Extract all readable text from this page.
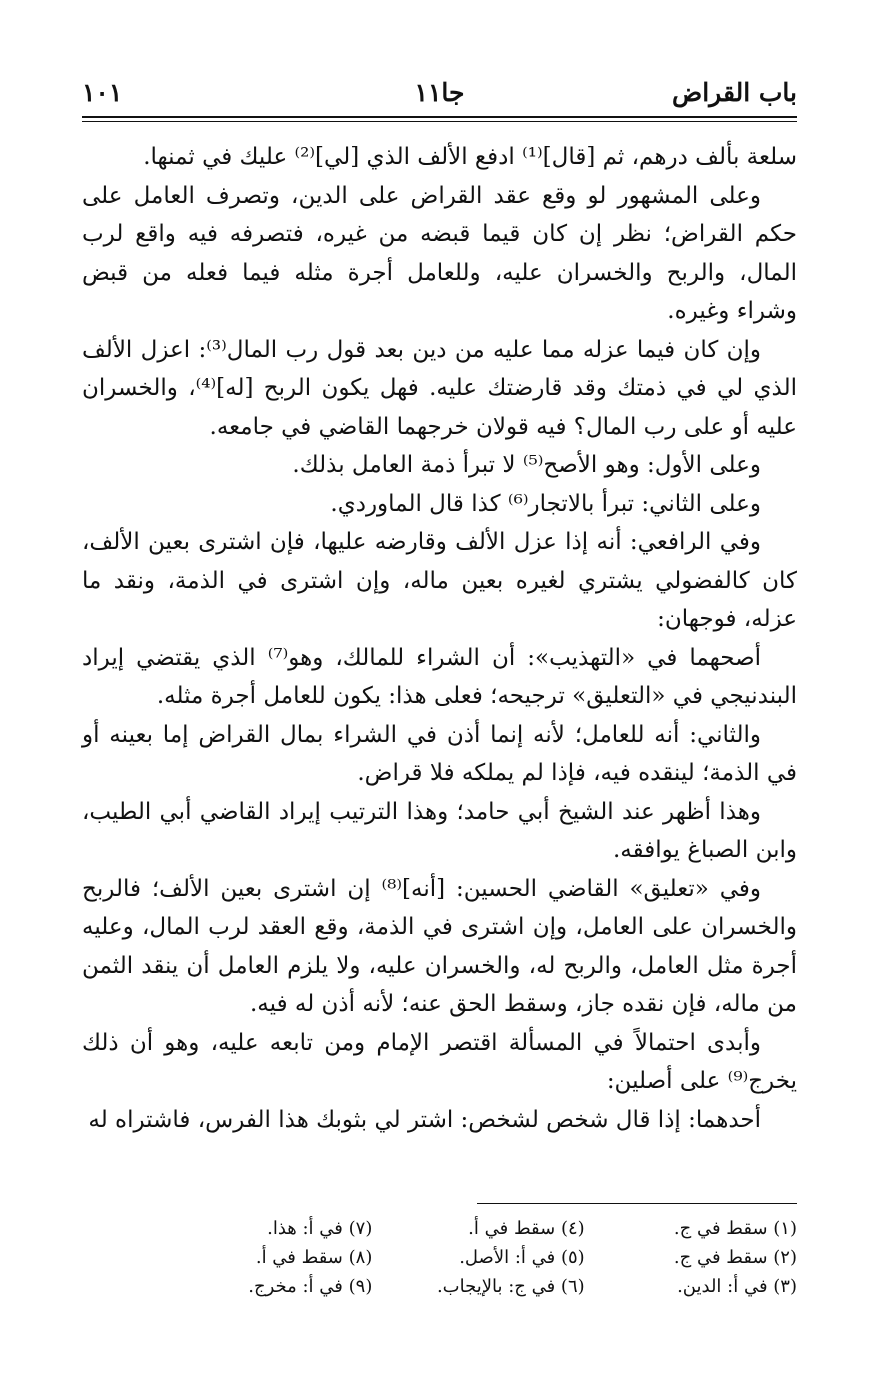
باب القراض
جا١١
١٠١

سلعة بألف درهم، ثم [قال]⁽¹⁾ ادفع الألف الذي [لي]⁽²⁾ عليك في ثمنها.

وعلى المشهور لو وقع عقد القراض على الدين، وتصرف العامل على حكم القراض؛ نظر إن كان قيما قبضه من غيره، فتصرفه فيه واقع لرب المال، والربح والخسران عليه، وللعامل أجرة مثله فيما فعله من قبض وشراء وغيره.

وإن كان فيما عزله مما عليه من دين بعد قول رب المال⁽³⁾: اعزل الألف الذي لي في ذمتك وقد قارضتك عليه. فهل يكون الربح [له]⁽⁴⁾، والخسران عليه أو على رب المال؟ فيه قولان خرجهما القاضي في جامعه.

وعلى الأول: وهو الأصح⁽⁵⁾ لا تبرأ ذمة العامل بذلك.

وعلى الثاني: تبرأ بالاتجار⁽⁶⁾ كذا قال الماوردي.

وفي الرافعي: أنه إذا عزل الألف وقارضه عليها، فإن اشترى بعين الألف، كان كالفضولي يشتري لغيره بعين ماله، وإن اشترى في الذمة، ونقد ما عزله، فوجهان:

أصحهما في «التهذيب»: أن الشراء للمالك، وهو⁽⁷⁾ الذي يقتضي إيراد البندنيجي في «التعليق» ترجيحه؛ فعلى هذا: يكون للعامل أجرة مثله.

والثاني: أنه للعامل؛ لأنه إنما أذن في الشراء بمال القراض إما بعينه أو في الذمة؛ لينقده فيه، فإذا لم يملكه فلا قراض.

وهذا أظهر عند الشيخ أبي حامد؛ وهذا الترتيب إيراد القاضي أبي الطيب، وابن الصباغ يوافقه.

وفي «تعليق» القاضي الحسين: [أنه]⁽⁸⁾ إن اشترى بعين الألف؛ فالربح والخسران على العامل، وإن اشترى في الذمة، وقع العقد لرب المال، وعليه أجرة مثل العامل، والربح له، والخسران عليه، ولا يلزم العامل أن ينقد الثمن من ماله، فإن نقده جاز، وسقط الحق عنه؛ لأنه أذن له فيه.

وأبدى احتمالاً في المسألة اقتصر الإمام ومن تابعه عليه، وهو أن ذلك يخرج⁽⁹⁾ على أصلين:

أحدهما: إذا قال شخص لشخص: اشتر لي بثوبك هذا الفرس، فاشتراه له

(١) سقط في ج.
(٢) سقط في ج.
(٣) في أ: الدين.
(٤) سقط في أ.
(٥) في أ: الأصل.
(٦) في ج: بالإيجاب.
(٧) في أ: هذا.
(٨) سقط في أ.
(٩) في أ: مخرج.
